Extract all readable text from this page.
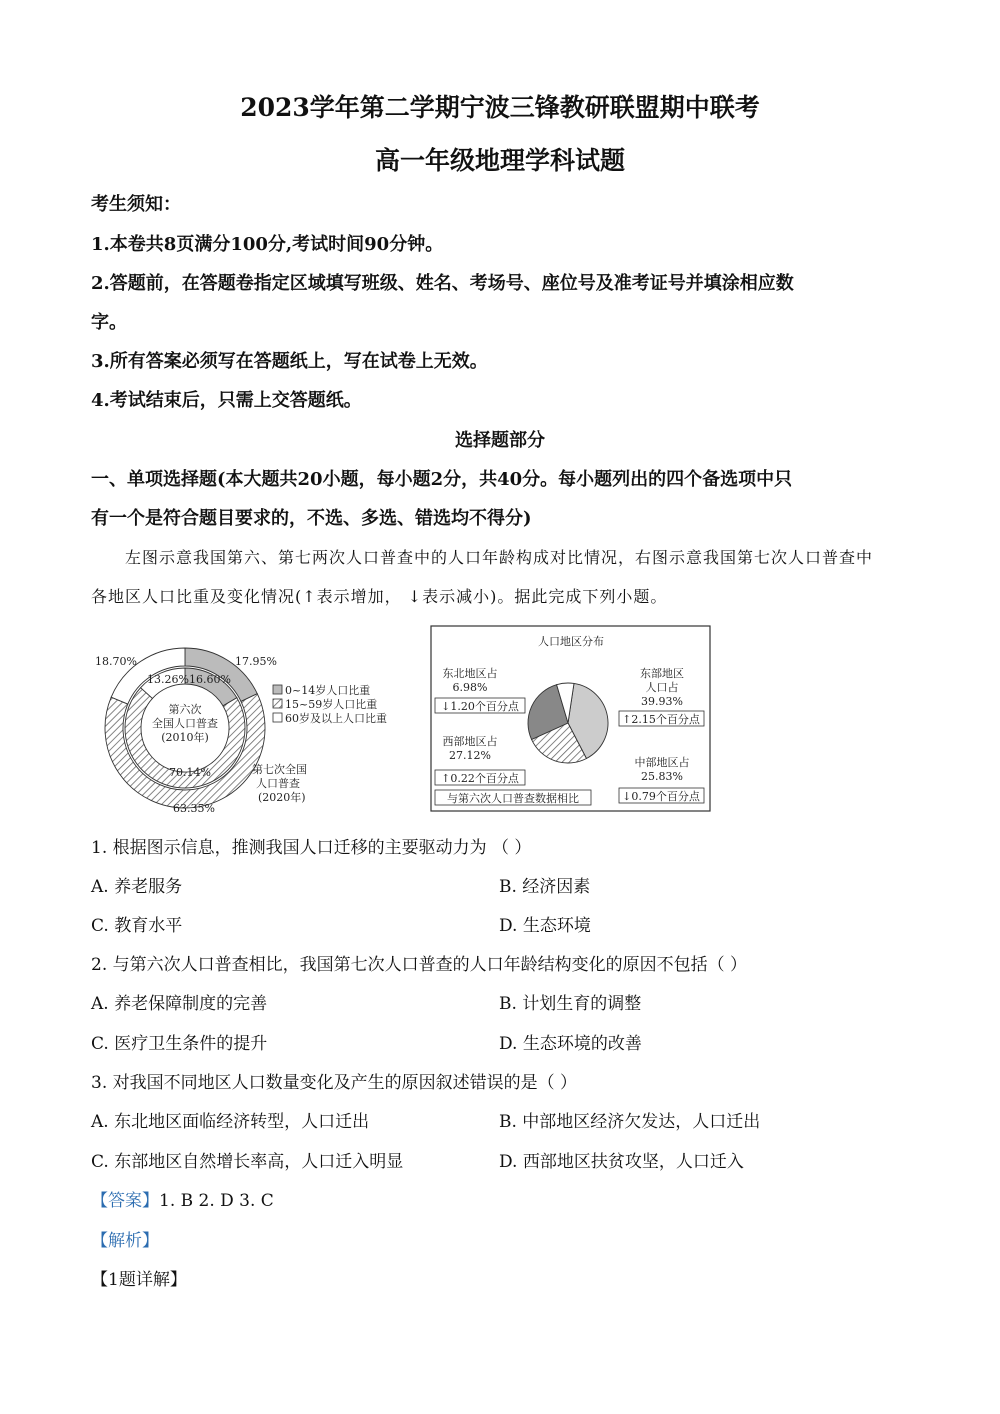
2023学年第二学期宁波三锋教研联盟期中联考
高一年级地理学科试题
考生须知：
1.本卷共8页满分100分,考试时间90分钟。
2.答题前，在答题卷指定区域填写班级、姓名、考场号、座位号及准考证号并填涂相应数
字。
3.所有答案必须写在答题纸上，写在试卷上无效。
4.考试结束后，只需上交答题纸。
选择题部分
一、单项选择题(本大题共20小题，每小题2分，共40分。每小题列出的四个备选项中只
有一个是符合题目要求的，不选、多选、错选均不得分)
左图示意我国第六、第七两次人口普查中的人口年龄构成对比情况，右图示意我国第七次人口普查中
各地区人口比重及变化情况(↑表示增加， ↓表示减小)。据此完成下列小题。
0~14岁人口比重
15~59岁人口比重
60岁及以上人口比重
18.70%	17.95%
13.26% 16.60%
70.14%
63.35%
第六次
全国人口普查
(2010年)
第七次全国
人口普查
(2020年)
人口地区分布
东北地区占
6.98%
↓1.20个百分点
东部地区
人口占
39.93%
↑2.15个百分点
西部地区占
27.12%
↑0.22个百分点
中部地区占
25.83%
↓0.79个百分点
与第六次人口普查数据相比
1. 根据图示信息，推测我国人口迁移的主要驱动力为 （ ）
A. 养老服务	B. 经济因素
C. 教育水平	D. 生态环境
2. 与第六次人口普查相比，我国第七次人口普查的人口年龄结构变化的原因不包括（ ）
A. 养老保障制度的完善	B. 计划生育的调整
C. 医疗卫生条件的提升	D. 生态环境的改善
3. 对我国不同地区人口数量变化及产生的原因叙述错误的是（ ）
A. 东北地区面临经济转型，人口迁出	B. 中部地区经济欠发达，人口迁出
C. 东部地区自然增长率高，人口迁入明显	D. 西部地区扶贫攻坚，人口迁入
【答案】1. B 2. D 3. C
【解析】
【1题详解】
